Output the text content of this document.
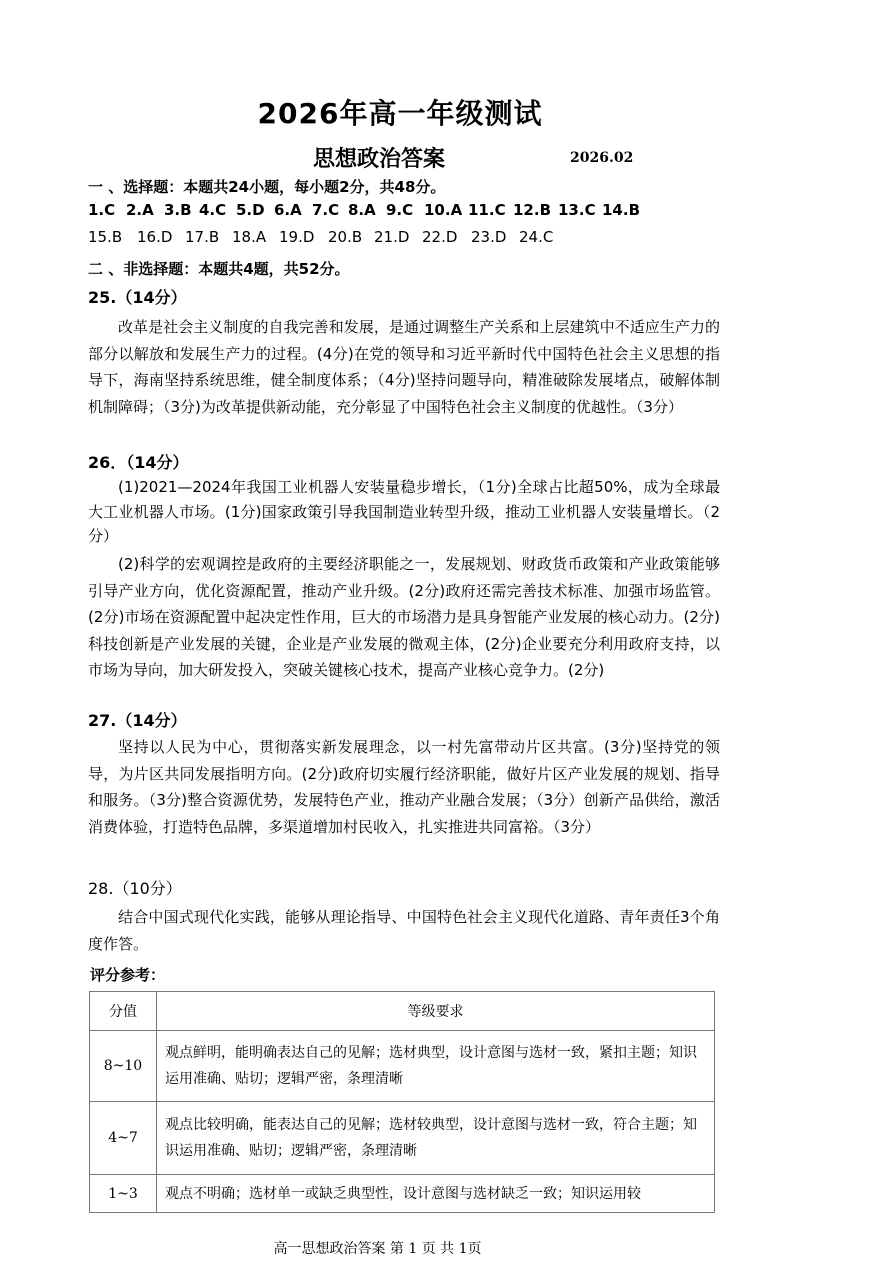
2026年高一年级测试
思想政治答案	2026.02
一 、选择题：本题共24小题，每小题2分，共48分。
1.C 2.A 3.B 4.C 5.D 6.A 7.C 8.A 9.C 10.A 11.C 12.B 13.C 14.B
15.B 16.D 17.B 18.A 19.D 20.B 21.D 22.D 23.D 24.C
二 、非选择题：本题共4题，共52分。
25.（14分）
改革是社会主义制度的自我完善和发展，是通过调整生产关系和上层建筑中不适应生产力的部分以解放和发展生产力的过程。(4分)在党的领导和习近平新时代中国特色社会主义思想的指导下，海南坚持系统思维，健全制度体系；（4分)坚持问题导向，精准破除发展堵点，破解体制机制障碍；（3分)为改革提供新动能，充分彰显了中国特色社会主义制度的优越性。（3分）
26．（14分）
(1)2021—2024年我国工业机器人安装量稳步增长，（1分)全球占比超50%，成为全球最大工业机器人市场。(1分)国家政策引导我国制造业转型升级，推动工业机器人安装量增长。（2分）
(2)科学的宏观调控是政府的主要经济职能之一，发展规划、财政货币政策和产业政策能够引导产业方向，优化资源配置，推动产业升级。(2分)政府还需完善技术标准、加强市场监管。(2分)市场在资源配置中起决定性作用，巨大的市场潜力是具身智能产业发展的核心动力。(2分)科技创新是产业发展的关键，企业是产业发展的微观主体，(2分)企业要充分利用政府支持，以市场为导向，加大研发投入，突破关键核心技术，提高产业核心竞争力。(2分)
27.（14分）
坚持以人民为中心，贯彻落实新发展理念，以一村先富带动片区共富。(3分)坚持党的领导，为片区共同发展指明方向。(2分)政府切实履行经济职能，做好片区产业发展的规划、指导和服务。（3分)整合资源优势，发展特色产业，推动产业融合发展；（3分）创新产品供给，激活消费体验，打造特色品牌，多渠道增加村民收入，扎实推进共同富裕。（3分）
28.（10分）
结合中国式现代化实践，能够从理论指导、中国特色社会主义现代化道路、青年责任3个角度作答。
评分参考：
分值	等级要求
8~10	观点鲜明，能明确表达自己的见解；选材典型，设计意图与选材一致，紧扣主题；知识运用准确、贴切；逻辑严密，条理清晰
4~7	观点比较明确，能表达自己的见解；选材较典型，设计意图与选材一致，符合主题；知识运用准确、贴切；逻辑严密，条理清晰
1~3	观点不明确；选材单一或缺乏典型性，设计意图与选材缺乏一致；知识运用较
高一思想政治答案 第 1 页 共 1页
